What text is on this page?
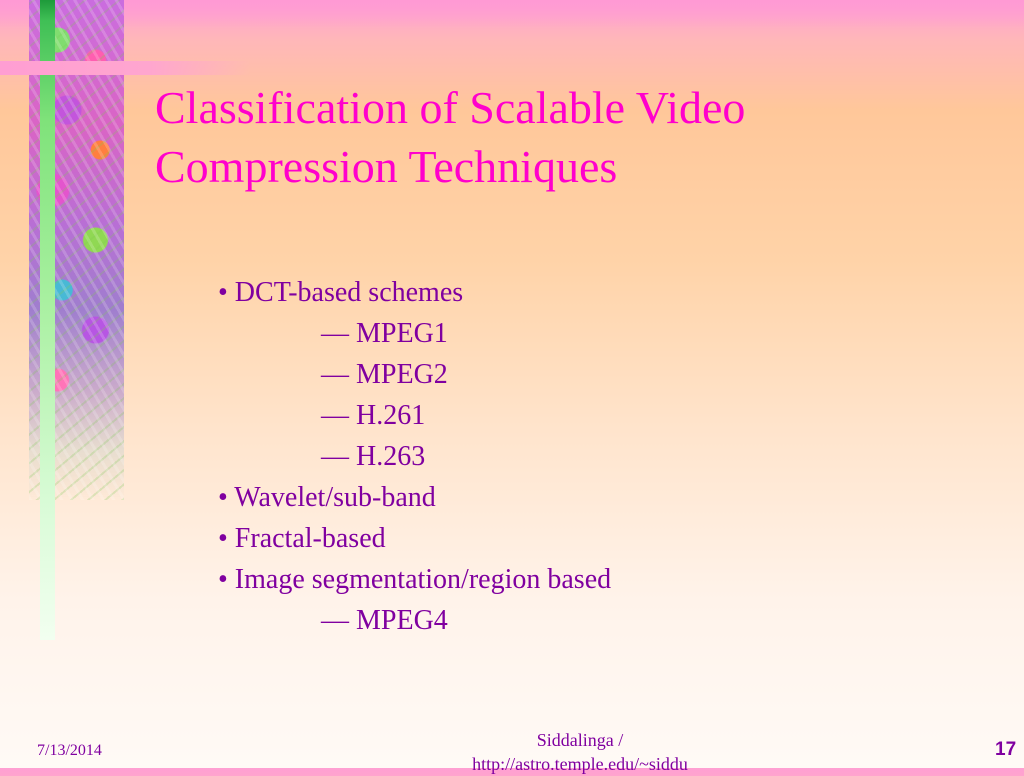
Classification of Scalable Video
Compression Techniques
• DCT-based schemes
— MPEG1
— MPEG2
— H.261
— H.263
• Wavelet/sub-band
• Fractal-based
• Image segmentation/region based
— MPEG4
7/13/2014
Siddalinga /
http://astro.temple.edu/~siddu
17
